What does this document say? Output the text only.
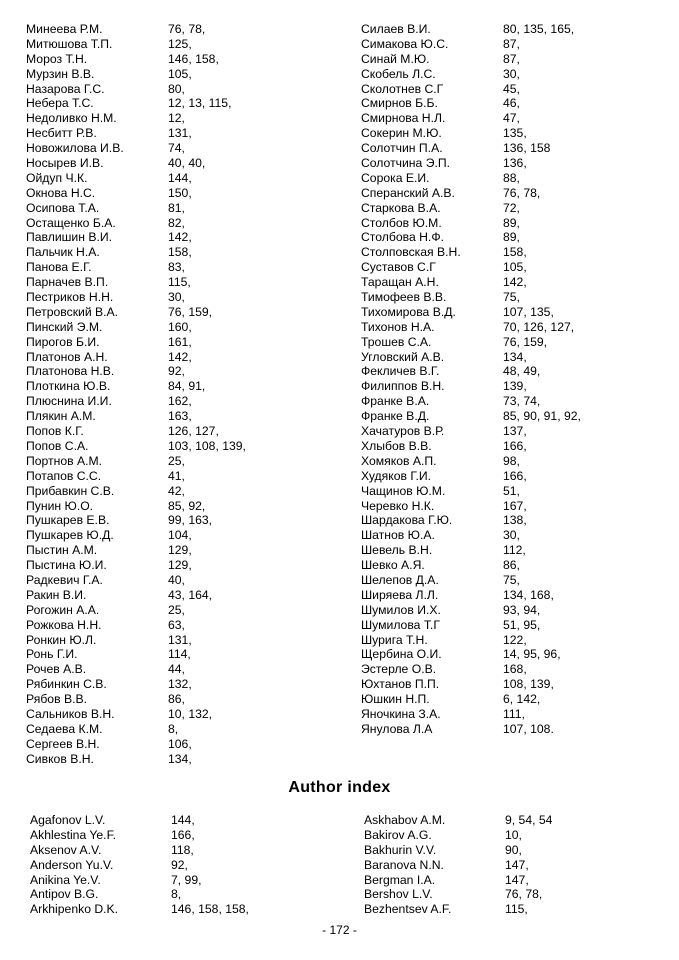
Минеева Р.М.	76, 78,
Митюшова Т.П.	125,
Мороз Т.Н.	146, 158,
Мурзин В.В.	105,
Назарова Г.С.	80,
Небера Т.С.	12, 13, 115,
Недоливко Н.М.	12,
Несбитт Р.В.	131,
Новожилова И.В.	74,
Носырев И.В.	40, 40,
Ойдуп Ч.К.	144,
Окнова Н.С.	150,
Осипова Т.А.	81,
Остащенко Б.А.	82,
Павлишин В.И.	142,
Пальчик Н.А.	158,
Панова Е.Г.	83,
Парначев В.П.	115,
Пестриков Н.Н.	30,
Петровский В.А.	76, 159,
Пинский Э.М.	160,
Пирогов Б.И.	161,
Платонов А.Н.	142,
Платонова Н.В.	92,
Плоткина Ю.В.	84, 91,
Плюснина И.И.	162,
Плякин А.М.	163,
Попов К.Г.	126, 127,
Попов С.А.	103, 108, 139,
Портнов А.М.	25,
Потапов С.С.	41,
Прибавкин С.В.	42,
Пунин Ю.О.	85, 92,
Пушкарев Е.В.	99, 163,
Пушкарев Ю.Д.	104,
Пыстин А.М.	129,
Пыстина Ю.И.	129,
Радкевич Г.А.	40,
Ракин В.И.	43, 164,
Рогожин А.А.	25,
Рожкова Н.Н.	63,
Ронкин Ю.Л.	131,
Ронь Г.И.	114,
Рочев А.В.	44,
Рябинкин С.В.	132,
Рябов В.В.	86,
Сальников В.Н.	10, 132,
Седаева К.М.	8,
Сергеев В.Н.	106,
Сивков В.Н.	134,
Силаев В.И.	80, 135, 165,
Симакова Ю.С.	87,
Синай М.Ю.	87,
Скобель Л.С.	30,
Сколотнев С.Г	45,
Смирнов Б.Б.	46,
Смирнова Н.Л.	47,
Сокерин М.Ю.	135,
Солотчин П.А.	136, 158
Солотчина Э.П.	136,
Сорока Е.И.	88,
Сперанский А.В.	76, 78,
Старкова В.А.	72,
Столбов Ю.М.	89,
Столбова Н.Ф.	89,
Столповская В.Н.	158,
Суставов С.Г	105,
Таращан А.Н.	142,
Тимофеев В.В.	75,
Тихомирова В.Д.	107, 135,
Тихонов Н.А.	70, 126, 127,
Трошев С.А.	76, 159,
Угловский А.В.	134,
Фекличев В.Г.	48, 49,
Филиппов В.Н.	139,
Франке В.А.	73, 74,
Франке В.Д.	85, 90, 91, 92,
Хачатуров В.Р.	137,
Хлыбов В.В.	166,
Хомяков А.П.	98,
Худяков Г.И.	166,
Чащинов Ю.М.	51,
Черевко Н.К.	167,
Шардакова Г.Ю.	138,
Шатнов Ю.А.	30,
Шевель В.Н.	112,
Шевко А.Я.	86,
Шелепов Д.А.	75,
Ширяева Л.Л.	134, 168,
Шумилов И.Х.	93, 94,
Шумилова Т.Г	51, 95,
Шурига Т.Н.	122,
Щербина О.И.	14, 95, 96,
Эстерле О.В.	168,
Юхтанов П.П.	108, 139,
Юшкин Н.П.	6, 142,
Яночкина З.А.	111,
Янулова Л.А	107, 108.
Author index
Agafonov L.V.	144,
Akhlestina Ye.F.	166,
Aksenov A.V.	118,
Anderson Yu.V.	92,
Anikina Ye.V.	7, 99,
Antipov B.G.	8,
Arkhipenko D.K.	146, 158, 158,
Askhabov A.M.	9, 54, 54
Bakirov A.G.	10,
Bakhurin V.V.	90,
Baranova N.N.	147,
Bergman I.A.	147,
Bershov L.V.	76, 78,
Bezhentsev A.F.	115,
- 172 -
